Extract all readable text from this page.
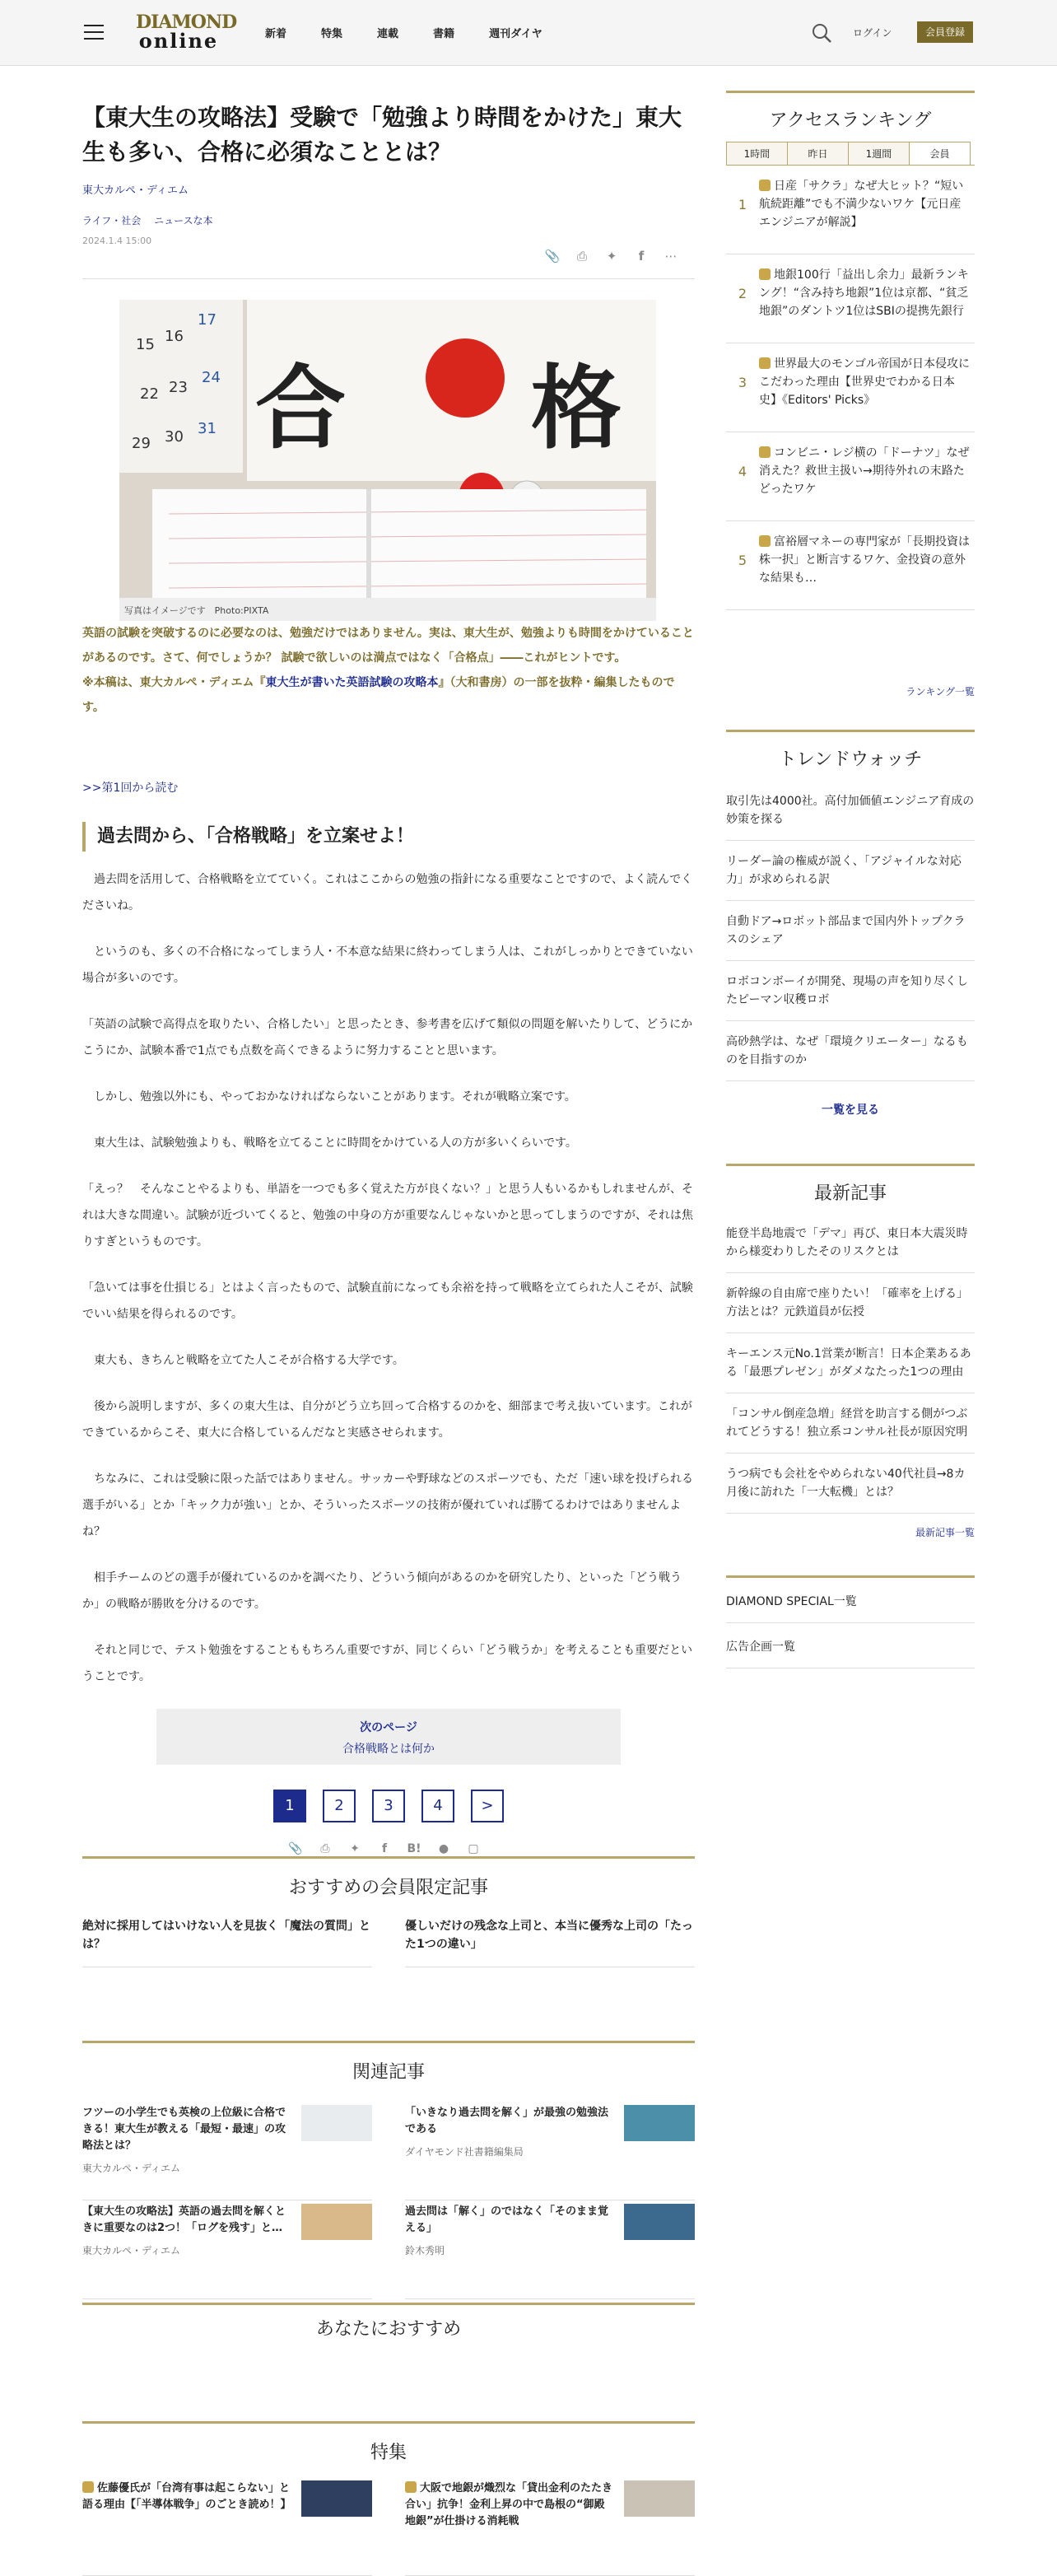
DIAMOND
online	新着	特集	連載	書籍	週刊ダイヤ	ログイン	会員登録
【東大生の攻略法】受験で「勉強より時間をかけた」東大生も多い、合格に必須なこととは？
東大カルペ・ディエム
ライフ・社会 ニュースな本
2024.1.4 15:00
📎	⎙	✦	f	⋯
15 16
17
22 23
24
29 30 31 合 格
写真はイメージです　Photo:PIXTA
英語の試験を突破するのに必要なのは、勉強だけではありません。実は、東大生が、勉強よりも時間をかけていることがあるのです。さて、何でしょうか？ 試験で欲しいのは満点ではなく「合格点」――これがヒントです。
※本稿は、東大カルペ・ディエム『東大生が書いた英語試験の攻略本』（大和書房）の一部を抜粋・編集したものです。
>>第1回から読む
過去問から、「合格戦略」を立案せよ！

　過去問を活用して、合格戦略を立てていく。これはここからの勉強の指針になる重要なことですので、よく読んでくださいね。

　というのも、多くの不合格になってしまう人・不本意な結果に終わってしまう人は、これがしっかりとできていない場合が多いのです。

「英語の試験で高得点を取りたい、合格したい」と思ったとき、参考書を広げて類似の問題を解いたりして、どうにかこうにか、試験本番で1点でも点数を高くできるように努力することと思います。

　しかし、勉強以外にも、やっておかなければならないことがあります。それが戦略立案です。

　東大生は、試験勉強よりも、戦略を立てることに時間をかけている人の方が多いくらいです。

「えっ？　そんなことやるよりも、単語を一つでも多く覚えた方が良くない？」と思う人もいるかもしれませんが、それは大きな間違い。試験が近づいてくると、勉強の中身の方が重要なんじゃないかと思ってしまうのですが、それは焦りすぎというものです。

「急いては事を仕損じる」とはよく言ったもので、試験直前になっても余裕を持って戦略を立てられた人こそが、試験でいい結果を得られるのです。

　東大も、きちんと戦略を立てた人こそが合格する大学です。

　後から説明しますが、多くの東大生は、自分がどう立ち回って合格するのかを、細部まで考え抜いています。これができているからこそ、東大に合格しているんだなと実感させられます。

　ちなみに、これは受験に限った話ではありません。サッカーや野球などのスポーツでも、ただ「速い球を投げられる選手がいる」とか「キック力が強い」とか、そういったスポーツの技術が優れていれば勝てるわけではありませんよね？

　相手チームのどの選手が優れているのかを調べたり、どういう傾向があるのかを研究したり、といった「どう戦うか」の戦略が勝敗を分けるのです。

　それと同じで、テスト勉強をすることももちろん重要ですが、同じくらい「どう戦うか」を考えることも重要だということです。

次のページ
合格戦略とは何か
1	2	3	4	>
📎	⎙	✦	f	B!	●	▢
おすすめの会員限定記事
絶対に採用してはいけない人を見抜く「魔法の質問」とは？
優しいだけの残念な上司と、本当に優秀な上司の「たった1つの違い」
関連記事
フツーの小学生でも英検の上位級に合格できる！東大生が教える「最短・最速」の攻略法とは？
東大カルペ・ディエム
「いきなり過去問を解く」が最強の勉強法である
ダイヤモンド社書籍編集局
【東大生の攻略法】英語の過去問を解くときに重要なのは2つ！「ログを残す」と…
東大カルペ・ディエム
過去問は「解く」のではなく「そのまま覚える」
鈴木秀明
あなたにおすすめ
特集
佐藤優氏が「台湾有事は起こらない」と語る理由【「半導体戦争」のごとき読め！】
大阪で地銀が熾烈な「貸出金利のたたき合い」抗争！金利上昇の中で島根の“御殿地銀”が仕掛ける消耗戦
アクセスランキング
1時間	昨日	1週間	会員
1
日産「サクラ」なぜ大ヒット？“短い航続距離”でも不満少ないワケ【元日産エンジニアが解説】
2
地銀100行「益出し余力」最新ランキング！“含み持ち地銀”1位は京都、“貧乏地銀”のダントツ1位はSBIの提携先銀行
3
世界最大のモンゴル帝国が日本侵攻にこだわった理由【世界史でわかる日本史】《Editors' Picks》
4
コンビニ・レジ横の「ドーナツ」なぜ消えた？救世主扱い→期待外れの末路たどったワケ
5
富裕層マネーの専門家が「長期投資は株一択」と断言するワケ、金投資の意外な結果も…
ランキング一覧
トレンドウォッチ
取引先は4000社。高付加価値エンジニア育成の妙策を探る
リーダー論の権威が説く、「アジャイルな対応力」が求められる訳
自動ドア→ロボット部品まで国内外トップクラスのシェア
ロボコンボーイが開発、現場の声を知り尽くしたピーマン収穫ロボ
高砂熱学は、なぜ「環境クリエーター」なるものを目指すのか
一覧を見る
最新記事
能登半島地震で「デマ」再び、東日本大震災時から様変わりしたそのリスクとは
新幹線の自由席で座りたい！「確率を上げる」方法とは？元鉄道員が伝授
キーエンス元No.1営業が断言！日本企業あるある「最悪プレゼン」がダメなたった1つの理由
「コンサル倒産急増」経営を助言する側がつぶれてどうする！独立系コンサル社長が原因究明
うつ病でも会社をやめられない40代社員→8カ月後に訪れた「一大転機」とは？
最新記事一覧
DIAMOND SPECIAL一覧
広告企画一覧
